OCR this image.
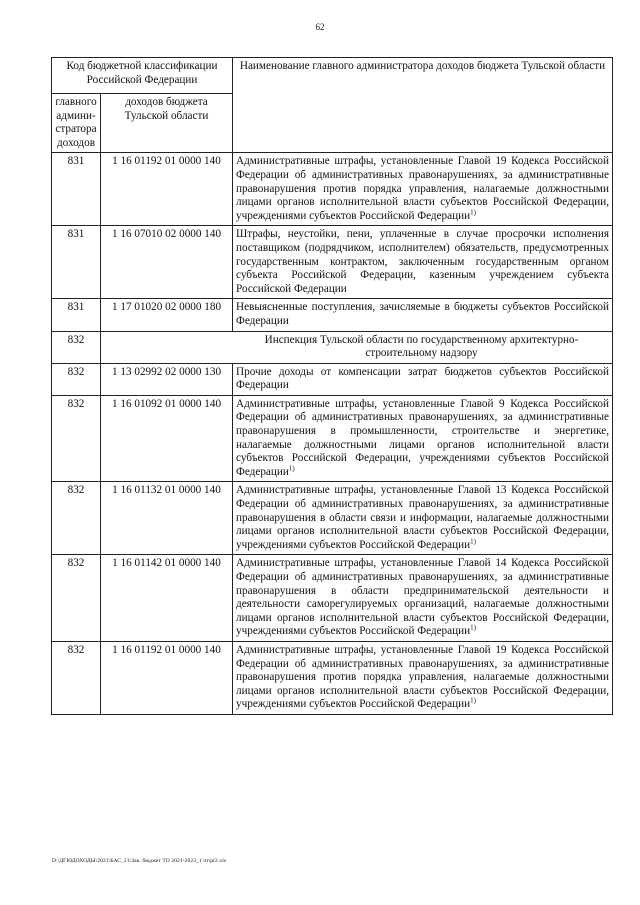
62
Код бюджетной классификации Российской Федерации		Наименование главного администратора доходов бюджета Тульской области
главного админи-стратора доходов	доходов бюджета Тульской области	
831	1 16 01192 01 0000 140	Административные штрафы, установленные Главой 19 Кодекса Российской Федерации об административных правонарушениях, за административные правонарушения против порядка управления, налагаемые должностными лицами органов исполнительной власти субъектов Российской Федерации, учреждениями субъектов Российской Федерации$^{1)}$
831	1 16 07010 02 0000 140	Штрафы, неустойки, пени, уплаченные в случае просрочки исполнения поставщиком (подрядчиком, исполнителем) обязательств, предусмотренных государственным контрактом, заключенным государственным органом субъекта Российской Федерации, казенным учреждением субъекта Российской Федерации
831	1 17 01020 02 0000 180	Невыясненные поступления, зачисляемые в бюджеты субъектов Российской Федерации
832	Инспекция Тульской области по государственному архитектурно-строительному надзору	
832	1 13 02992 02 0000 130	Прочие доходы от компенсации затрат бюджетов субъектов Российской Федерации
832	1 16 01092 01 0000 140	Административные штрафы, установленные Главой 9 Кодекса Российской Федерации об административных правонарушениях, за административные правонарушения в промышленности, строительстве и энергетике, налагаемые должностными лицами органов исполнительной власти субъектов Российской Федерации, учреждениями субъектов Российской Федерации$^{1)}$
832	1 16 01132 01 0000 140	Административные штрафы, установленные Главой 13 Кодекса Российской Федерации об административных правонарушениях, за административные правонарушения в области связи и информации, налагаемые должностными лицами органов исполнительной власти субъектов Российской Федерации, учреждениями субъектов Российской Федерации$^{1)}$
832	1 16 01142 01 0000 140	Административные штрафы, установленные Главой 14 Кодекса Российской Федерации об административных правонарушениях, за административные правонарушения в области предпринимательской деятельности и деятельности саморегулируемых организаций, налагаемые должностными лицами органов исполнительной власти субъектов Российской Федерации, учреждениями субъектов Российской Федерации$^{1)}$
832	1 16 01192 01 0000 140	Административные штрафы, установленные Главой 19 Кодекса Российской Федерации об административных правонарушениях, за административные правонарушения против порядка управления, налагаемые должностными лицами органов исполнительной власти субъектов Российской Федерации, учреждениями субъектов Российской Федерации$^{1)}$
D:\ДГЮДОХОДЫ\2021\БАС_21\Зак. бюджет ТО 2021-2023_1 чт\pr2.xls
